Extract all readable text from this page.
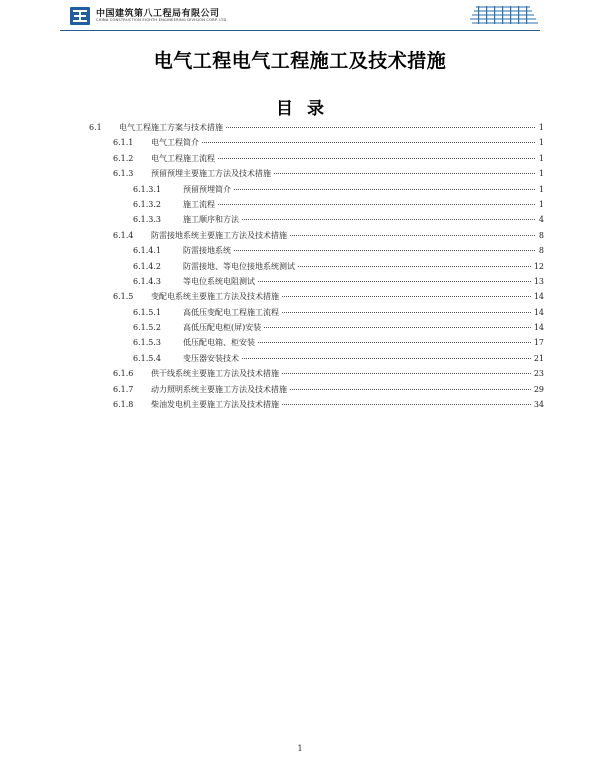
中国建筑第八工程局有限公司
CHINA CONSTRUCTION EIGHTH ENGINEERING DIVISION CORP. LTD
电气工程电气工程施工及技术措施
目录
6.1	电气工程施工方案与技术措施	1
6.1.1	电气工程简介	1
6.1.2	电气工程施工流程	1
6.1.3	预留预埋主要施工方法及技术措施	1
6.1.3.1	预留预埋简介	1
6.1.3.2	施工流程	1
6.1.3.3	施工顺序和方法	4
6.1.4	防雷接地系统主要施工方法及技术措施	8
6.1.4.1	防雷接地系统	8
6.1.4.2	防雷接地、等电位接地系统测试	12
6.1.4.3	等电位系统电阻测试	13
6.1.5	变配电系统主要施工方法及技术措施	14
6.1.5.1	高低压变配电工程施工流程	14
6.1.5.2	高低压配电柜(屏)安装	14
6.1.5.3	低压配电箱、柜安装	17
6.1.5.4	变压器安装技术	21
6.1.6	供干线系统主要施工方法及技术措施	23
6.1.7	动力照明系统主要施工方法及技术措施	29
6.1.8	柴油发电机主要施工方法及技术措施	34
1
